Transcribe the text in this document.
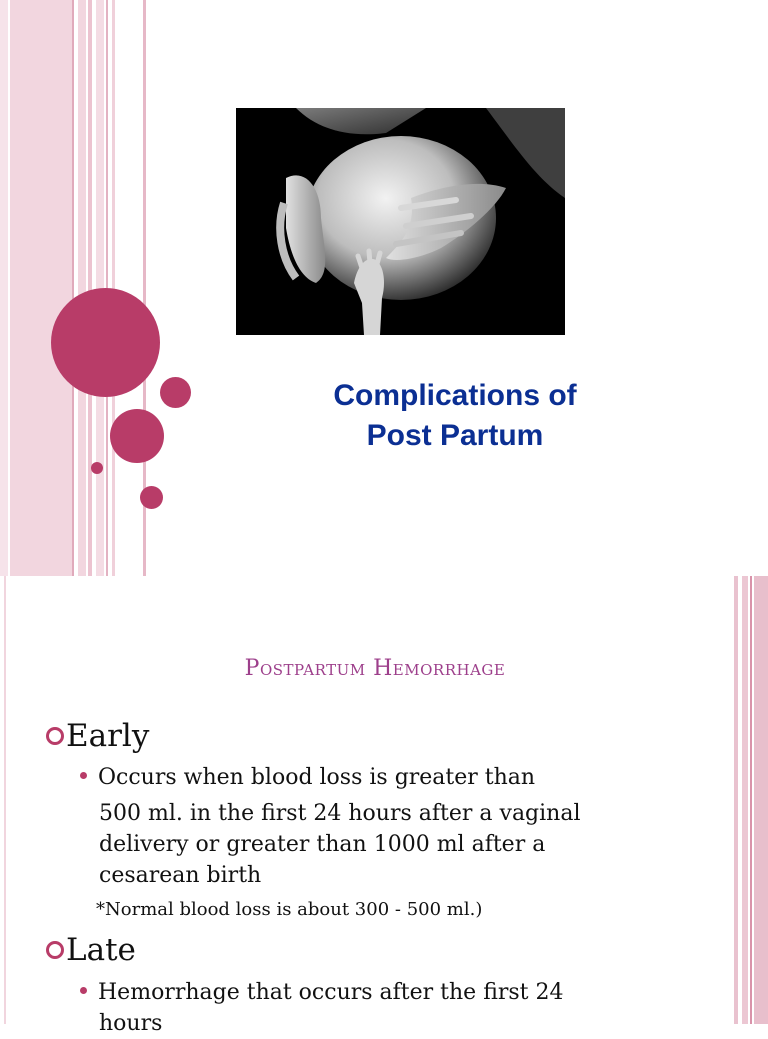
Complications of
Post Partum
Postpartum Hemorrhage
Early
Occurs when blood loss is greater than
500 ml. in the first 24 hours after a vaginal
delivery or greater than 1000 ml after a
cesarean birth
*Normal blood loss is about 300 - 500 ml.)
Late
Hemorrhage that occurs after the first 24
hours
